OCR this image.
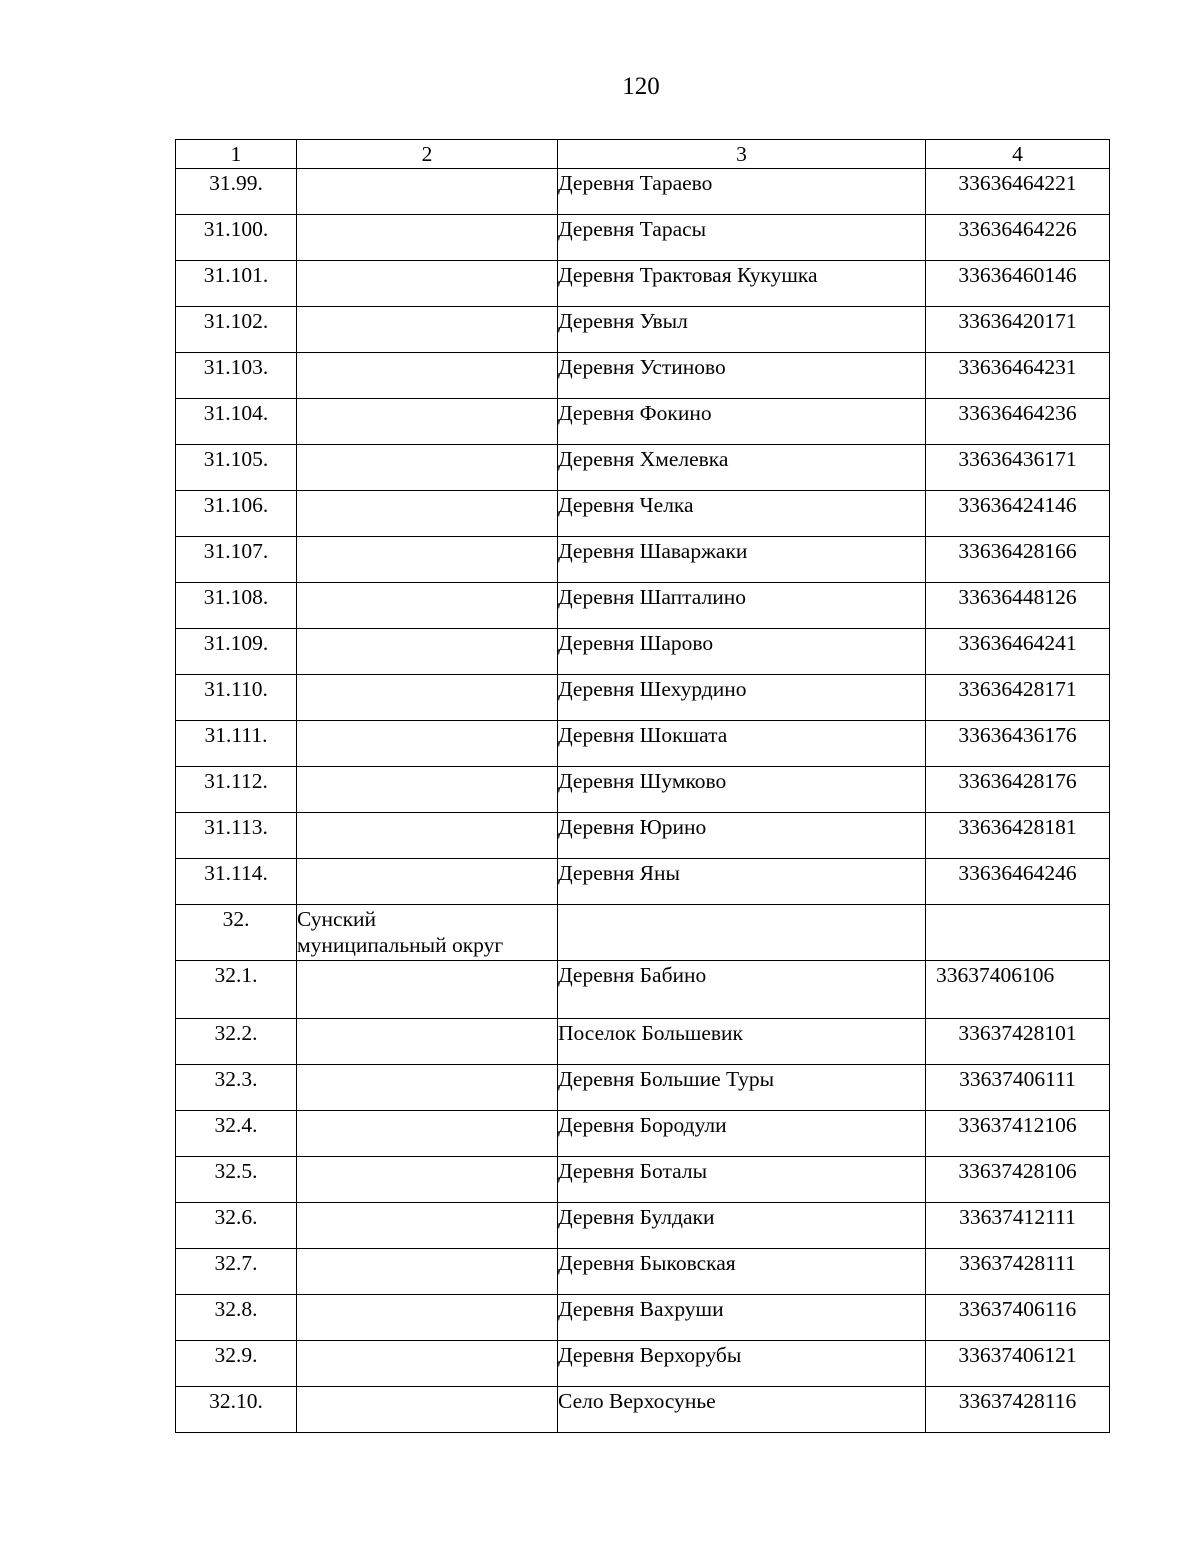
120
1	2	3	4
31.99.		Деревня Тараево	33636464221
31.100.		Деревня Тарасы	33636464226
31.101.		Деревня Трактовая Кукушка	33636460146
31.102.		Деревня Увыл	33636420171
31.103.		Деревня Устиново	33636464231
31.104.		Деревня Фокино	33636464236
31.105.		Деревня Хмелевка	33636436171
31.106.		Деревня Челка	33636424146
31.107.		Деревня Шаваржаки	33636428166
31.108.		Деревня Шапталино	33636448126
31.109.		Деревня Шарово	33636464241
31.110.		Деревня Шехурдино	33636428171
31.111.		Деревня Шокшата	33636436176
31.112.		Деревня Шумково	33636428176
31.113.		Деревня Юрино	33636428181
31.114.		Деревня Яны	33636464246
32.	Сунский
муниципальный округ		

32.1.		Деревня Бабино	33637406106
32.2.		Поселок Большевик	33637428101
32.3.		Деревня Большие Туры	33637406111
32.4.		Деревня Бородули	33637412106
32.5.		Деревня Боталы	33637428106
32.6.		Деревня Булдаки	33637412111
32.7.		Деревня Быковская	33637428111
32.8.		Деревня Вахруши	33637406116
32.9.		Деревня Верхорубы	33637406121
32.10.		Село Верхосунье	33637428116
